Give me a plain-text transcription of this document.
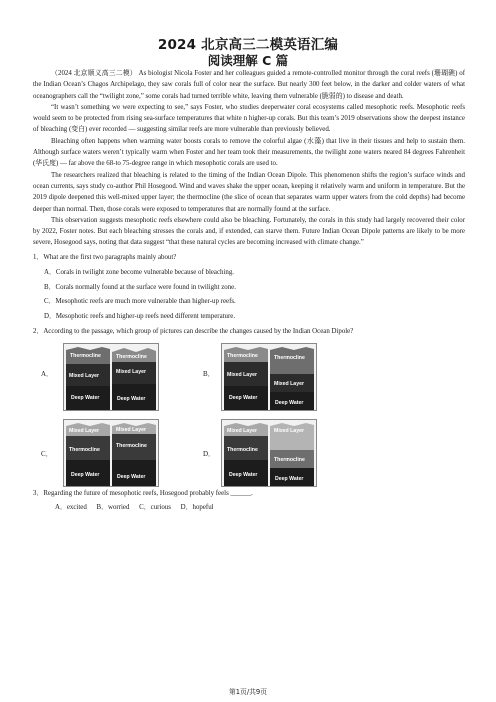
2024 北京高三二模英语汇编
阅读理解 C 篇

（2024 北京顺义高三二模） As biologist Nicola Foster and her colleagues guided a remote-controlled monitor through the coral reefs (珊瑚礁) of the Indian Ocean’s Chagos Archipelago, they saw corals full of color near the surface. But nearly 300 feet below, in the darker and colder waters of what oceanographers call the “twilight zone,” some corals had turned terrible white, leaving them vulnerable (脆弱的) to disease and death.

“It wasn’t something we were expecting to see,” says Foster, who studies deeperwater coral ecosystems called mesophotic reefs. Mesophotic reefs would seem to be protected from rising sea-surface temperatures that white n higher-up corals. But this team’s 2019 observations show the deepest instance of bleaching (变白) ever recorded — suggesting similar reefs are more vulnerable than previously believed.

Bleaching often happens when warming water boosts corals to remove the colorful algae (水藻) that live in their tissues and help to sustain them. Although surface waters weren’t typically warm when Foster and her team took their measurements, the twilight zone waters neared 84 degrees Fahrenheit (华氏度) — far above the 68-to 75-degree range in which mesophotic corals are used to.

The researchers realized that bleaching is related to the timing of the Indian Ocean Dipole. This phenomenon shifts the region’s surface winds and ocean currents, says study co-author Phil Hosegood. Wind and waves shake the upper ocean, keeping it relatively warm and uniform in temperature. But the 2019 dipole deepened this well-mixed upper layer; the thermocline (the slice of ocean that separates warm upper waters from the cold depths) had become deeper than normal. Then, those corals were exposed to temperatures that are normally found at the surface.

This observation suggests mesophotic reefs elsewhere could also be bleaching. Fortunately, the corals in this study had largely recovered their color by 2022, Foster notes. But each bleaching stresses the corals and, if extended, can starve them. Future Indian Ocean Dipole patterns are likely to be more severe, Hosegood says, noting that data suggest “that these natural cycles are becoming increased with climate change.”

1．What are the first two paragraphs mainly about?
A．Corals in twilight zone become vulnerable because of bleaching.
B．Corals normally found at the surface were found in twilight zone.
C．Mesophotic reefs are much more vulnerable than higher-up reefs.
D．Mesophotic reefs and higher-up reefs need different temperature.
2．According to the passage, which group of pictures can describe the changes caused by the Indian Ocean Dipole?
A．
Thermocline
Mixed Layer
Deep Water
Thermocline
Mixed Layer
Deep Water
B．
Thermocline
Mixed Layer
Deep Water
Thermocline
Mixed Layer
Deep Water
C．
Mixed Layer
Thermocline
Deep Water
Mixed Layer
Thermocline
Deep Water
D．
Mixed Layer
Thermocline
Deep Water
Mixed Layer
Thermocline
Deep Water
3．Regarding the future of mesophotic reefs, Hosegood probably feels ______.
A．excited B．worried C．curious D．hopeful
第1页/共9页
